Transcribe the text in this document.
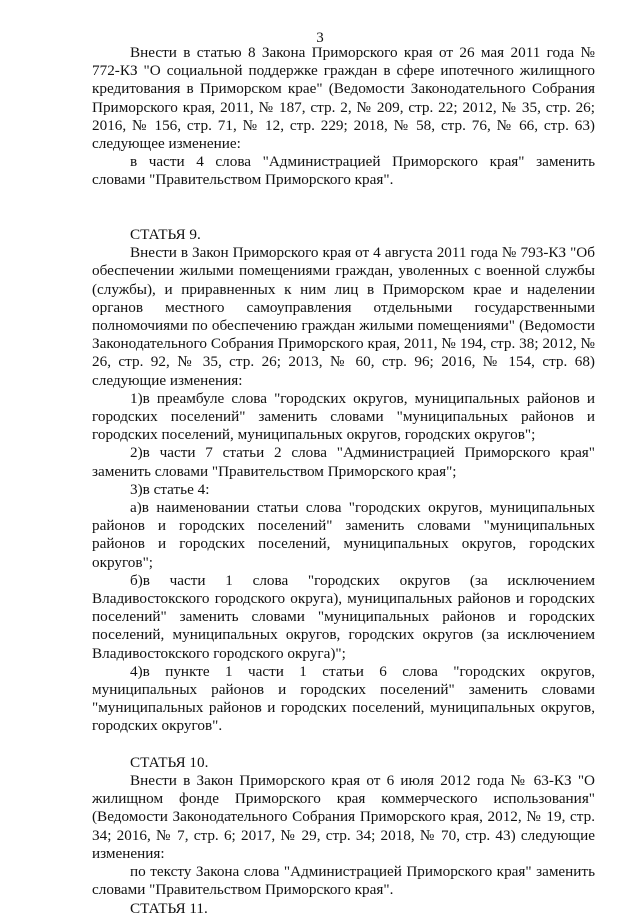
3

Внести в статью 8 Закона Приморского края от 26 мая 2011 года № 772-КЗ "О социальной поддержке граждан в сфере ипотечного жилищного кредитования в Приморском крае" (Ведомости Законодательного Собрания Приморского края, 2011, № 187, стр. 2, № 209, стр. 22; 2012, № 35, стр. 26; 2016, № 156, стр. 71, № 12, стр. 229; 2018, № 58, стр. 76, № 66, стр. 63) следующее изменение:

в части 4 слова "Администрацией Приморского края" заменить словами "Правительством Приморского края".

СТАТЬЯ 9.

Внести в Закон Приморского края от 4 августа 2011 года № 793-КЗ "Об обеспечении жилыми помещениями граждан, уволенных с военной службы (службы), и приравненных к ним лиц в Приморском крае и наделении органов местного самоуправления отдельными государственными полномочиями по обеспечению граждан жилыми помещениями" (Ведомости Законодательного Собрания Приморского края, 2011, № 194, стр. 38; 2012, № 26, стр. 92, № 35, стр. 26; 2013, № 60, стр. 96; 2016, № 154, стр. 68) следующие изменения:

1)в преамбуле слова "городских округов, муниципальных районов и городских поселений" заменить словами "муниципальных районов и городских поселений, муниципальных округов, городских округов";

2)в части 7 статьи 2 слова "Администрацией Приморского края" заменить словами "Правительством Приморского края";

3)в статье 4:

а)в наименовании статьи слова "городских округов, муниципальных районов и городских поселений" заменить словами "муниципальных районов и городских поселений, муниципальных округов, городских округов";

б)в части 1 слова "городских округов (за исключением Владивостокского городского округа), муниципальных районов и городских поселений" заменить словами "муниципальных районов и городских поселений, муниципальных округов, городских округов (за исключением Владивостокского городского округа)";

4)в пункте 1 части 1 статьи 6 слова "городских округов, муниципальных районов и городских поселений" заменить словами "муниципальных районов и городских поселений, муниципальных округов, городских округов".

СТАТЬЯ 10.

Внести в Закон Приморского края от 6 июля 2012 года № 63-КЗ "О жилищном фонде Приморского края коммерческого использования" (Ведомости Законодательного Собрания Приморского края, 2012, № 19, стр. 34; 2016, № 7, стр. 6; 2017, № 29, стр. 34; 2018, № 70, стр. 43) следующие изменения:

по тексту Закона слова "Администрацией Приморского края" заменить словами "Правительством Приморского края".

СТАТЬЯ 11.
